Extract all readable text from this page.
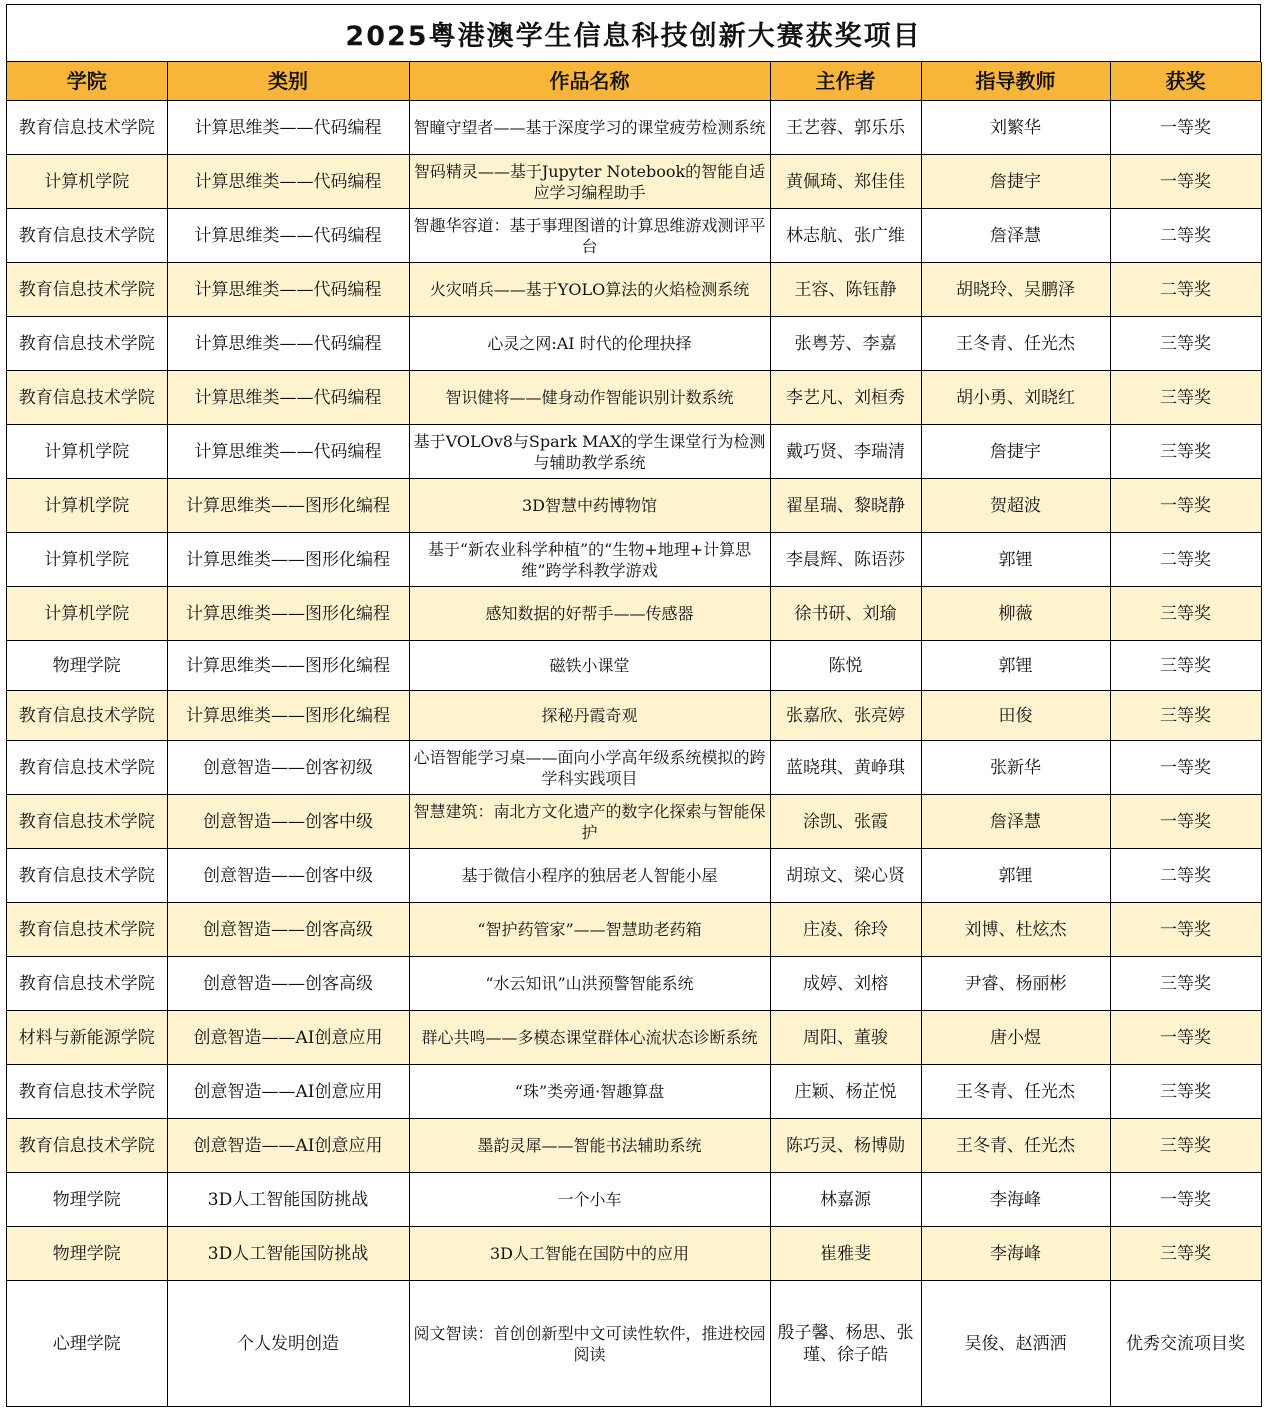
2025粤港澳学生信息科技创新大赛获奖项目
学院	类别	作品名称	主作者	指导教师	获奖
教育信息技术学院	计算思维类——代码编程	智瞳守望者——基于深度学习的课堂疲劳检测系统	王艺蓉、郭乐乐	刘繁华	一等奖
计算机学院	计算思维类——代码编程	智码精灵——基于Jupyter Notebook的智能自适应学习编程助手	黄佩琦、郑佳佳	詹捷宇	一等奖
教育信息技术学院	计算思维类——代码编程	智趣华容道：基于事理图谱的计算思维游戏测评平台	林志航、张广维	詹泽慧	二等奖
教育信息技术学院	计算思维类——代码编程	火灾哨兵——基于YOLO算法的火焰检测系统	王容、陈钰静	胡晓玲、吴鹏泽	二等奖
教育信息技术学院	计算思维类——代码编程	心灵之网:AI 时代的伦理抉择	张粤芳、李嘉	王冬青、任光杰	三等奖
教育信息技术学院	计算思维类——代码编程	智识健将——健身动作智能识别计数系统	李艺凡、刘桓秀	胡小勇、刘晓红	三等奖
计算机学院	计算思维类——代码编程	基于VOLOv8与Spark MAX的学生课堂行为检测与辅助教学系统	戴巧贤、李瑞清	詹捷宇	三等奖
计算机学院	计算思维类——图形化编程	3D智慧中药博物馆	翟星瑞、黎晓静	贺超波	一等奖
计算机学院	计算思维类——图形化编程	基于“新农业科学种植”的“生物+地理+计算思维”跨学科教学游戏	李晨辉、陈语莎	郭锂	二等奖
计算机学院	计算思维类——图形化编程	感知数据的好帮手——传感器	徐书研、刘瑜	柳薇	三等奖
物理学院	计算思维类——图形化编程	磁铁小课堂	陈悦	郭锂	三等奖
教育信息技术学院	计算思维类——图形化编程	探秘丹霞奇观	张嘉欣、张亮婷	田俊	三等奖
教育信息技术学院	创意智造——创客初级	心语智能学习桌——面向小学高年级系统模拟的跨学科实践项目	蓝晓琪、黄峥琪	张新华	一等奖
教育信息技术学院	创意智造——创客中级	智慧建筑：南北方文化遗产的数字化探索与智能保护	涂凯、张霞	詹泽慧	一等奖
教育信息技术学院	创意智造——创客中级	基于微信小程序的独居老人智能小屋	胡琼文、梁心贤	郭锂	二等奖
教育信息技术学院	创意智造——创客高级	“智护药管家”——智慧助老药箱	庄凌、徐玲	刘博、杜炫杰	一等奖
教育信息技术学院	创意智造——创客高级	“水云知讯”山洪预警智能系统	成婷、刘榕	尹睿、杨丽彬	三等奖
材料与新能源学院	创意智造——AI创意应用	群心共鸣——多模态课堂群体心流状态诊断系统	周阳、董骏	唐小煜	一等奖
教育信息技术学院	创意智造——AI创意应用	“珠”类旁通·智趣算盘	庄颖、杨芷悦	王冬青、任光杰	三等奖
教育信息技术学院	创意智造——AI创意应用	墨韵灵犀——智能书法辅助系统	陈巧灵、杨博勋	王冬青、任光杰	三等奖
物理学院	3D人工智能国防挑战	一个小车	林嘉源	李海峰	一等奖
物理学院	3D人工智能国防挑战	3D人工智能在国防中的应用	崔雅斐	李海峰	三等奖
心理学院	个人发明创造	阅文智读：首创创新型中文可读性软件，推进校园阅读	殷子馨、杨思、张瑾、徐子皓	吴俊、赵洒洒	优秀交流项目奖
